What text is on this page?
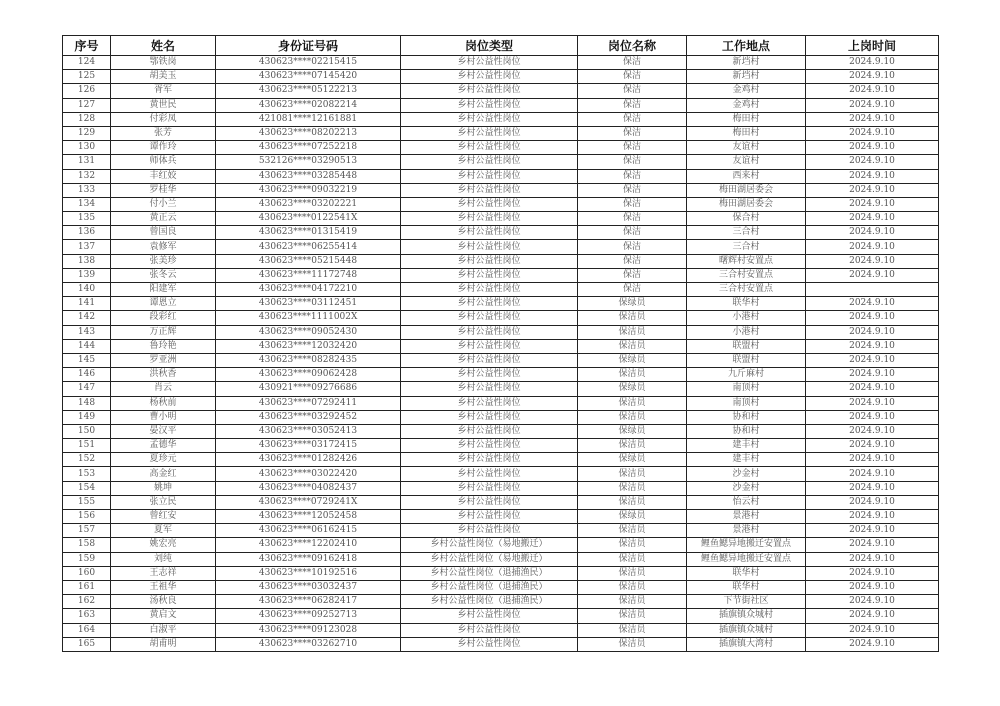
序号	姓名	身份证号码	岗位类型	岗位名称	工作地点	上岗时间
124	鄂铁岗	430623****02215415	乡村公益性岗位	保洁	新垱村	2024.9.10
125	胡美玉	430623****07145420	乡村公益性岗位	保洁	新垱村	2024.9.10
126	胥军	430623****05122213	乡村公益性岗位	保洁	金鸡村	2024.9.10
127	黄世民	430623****02082214	乡村公益性岗位	保洁	金鸡村	2024.9.10
128	付彩凤	421081****12161881	乡村公益性岗位	保洁	梅田村	2024.9.10
129	张芳	430623****08202213	乡村公益性岗位	保洁	梅田村	2024.9.10
130	谭作玲	430623****07252218	乡村公益性岗位	保洁	友谊村	2024.9.10
131	师体兵	532126****03290513	乡村公益性岗位	保洁	友谊村	2024.9.10
132	丰红姣	430623****03285448	乡村公益性岗位	保洁	西来村	2024.9.10
133	罗桂华	430623****09032219	乡村公益性岗位	保洁	梅田湖居委会	2024.9.10
134	付小兰	430623****03202221	乡村公益性岗位	保洁	梅田湖居委会	2024.9.10
135	黄正云	430623****0122541X	乡村公益性岗位	保洁	保合村	2024.9.10
136	曾国良	430623****01315419	乡村公益性岗位	保洁	三合村	2024.9.10
137	袁修军	430623****06255414	乡村公益性岗位	保洁	三合村	2024.9.10
138	张美珍	430623****05215448	乡村公益性岗位	保洁	曙辉村安置点	2024.9.10
139	张冬云	430623****11172748	乡村公益性岗位	保洁	三合村安置点	2024.9.10
140	阳建军	430623****04172210	乡村公益性岗位	保洁	三合村安置点	
141	谭恩立	430623****03112451	乡村公益性岗位	保绿员	联华村	2024.9.10
142	段彩红	430623****1111002X	乡村公益性岗位	保洁员	小港村	2024.9.10
143	万正辉	430623****09052430	乡村公益性岗位	保洁员	小港村	2024.9.10
144	鲁玲艳	430623****12032420	乡村公益性岗位	保洁员	联盟村	2024.9.10
145	罗亚洲	430623****08282435	乡村公益性岗位	保绿员	联盟村	2024.9.10
146	洪秋香	430623****09062428	乡村公益性岗位	保洁员	九斤麻村	2024.9.10
147	肖云	430921****09276686	乡村公益性岗位	保绿员	南顶村	2024.9.10
148	杨秋前	430623****07292411	乡村公益性岗位	保洁员	南顶村	2024.9.10
149	曹小明	430623****03292452	乡村公益性岗位	保洁员	协和村	2024.9.10
150	晏汉平	430623****03052413	乡村公益性岗位	保绿员	协和村	2024.9.10
151	孟德华	430623****03172415	乡村公益性岗位	保洁员	建丰村	2024.9.10
152	夏珍元	430623****01282426	乡村公益性岗位	保绿员	建丰村	2024.9.10
153	高金红	430623****03022420	乡村公益性岗位	保洁员	沙金村	2024.9.10
154	姚坤	430623****04082437	乡村公益性岗位	保洁员	沙金村	2024.9.10
155	张立民	430623****0729241X	乡村公益性岗位	保洁员	怡云村	2024.9.10
156	曾红安	430623****12052458	乡村公益性岗位	保绿员	景港村	2024.9.10
157	夏军	430623****06162415	乡村公益性岗位	保洁员	景港村	2024.9.10
158	姚宏亮	430623****12202410	乡村公益性岗位（易地搬迁）	保洁员	鲤鱼鳃异地搬迁安置点	2024.9.10
159	刘纯	430623****09162418	乡村公益性岗位（易地搬迁）	保洁员	鲤鱼鳃异地搬迁安置点	2024.9.10
160	王志祥	430623****10192516	乡村公益性岗位（退捕渔民）	保洁员	联华村	2024.9.10
161	王祖华	430623****03032437	乡村公益性岗位（退捕渔民）	保洁员	联华村	2024.9.10
162	汤秋良	430623****06282417	乡村公益性岗位（退捕渔民）	保洁员	下节街社区	2024.9.10
163	黄启文	430623****09252713	乡村公益性岗位	保洁员	插旗镇众城村	2024.9.10
164	白淑平	430623****09123028	乡村公益性岗位	保洁员	插旗镇众城村	2024.9.10
165	胡甫明	430623****03262710	乡村公益性岗位	保洁员	插旗镇大湾村	2024.9.10
